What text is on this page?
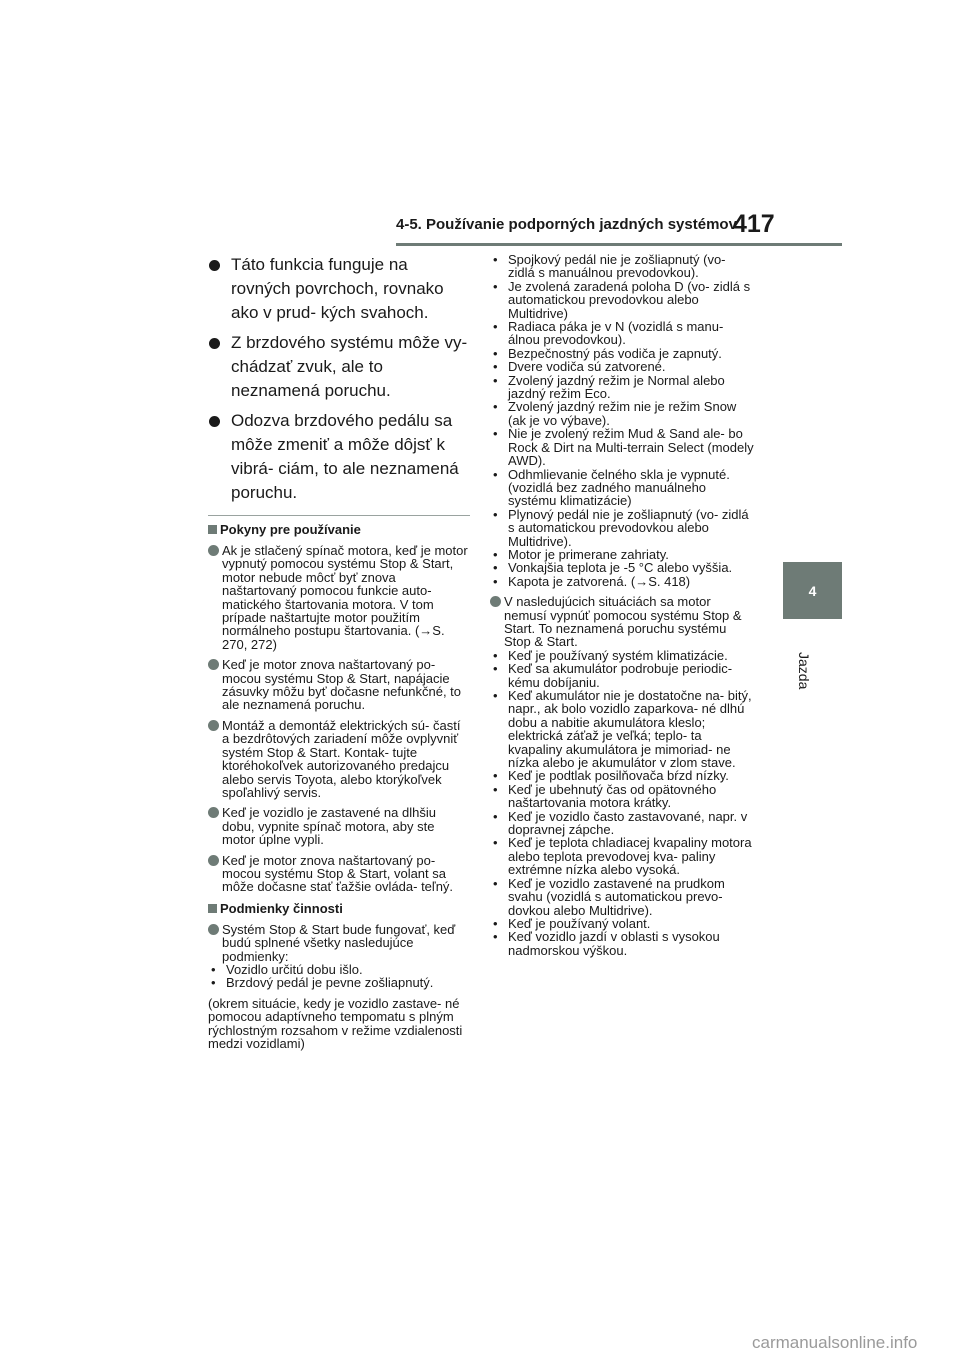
4-5. Používanie podporných jazdných systémov
417
4
Jazda
Táto funkcia funguje na rovných povrchoch, rovnako ako v prud- kých svahoch.
Z brzdového systému môže vy- chádzať zvuk, ale to neznamená poruchu.
Odozva brzdového pedálu sa môže zmeniť a môže dôjsť k vibrá- ciám, to ale neznamená poruchu.
Pokyny pre používanie
Ak je stlačený spínač motora, keď je motor vypnutý pomocou systému Stop & Start, motor nebude môcť byť znova naštartovaný pomocou funkcie auto- matického štartovania motora. V tom prípade naštartujte motor použitím normálneho postupu štartovania. (→S. 270, 272)
Keď je motor znova naštartovaný po- mocou systému Stop & Start, napájacie zásuvky môžu byť dočasne nefunkčné, to ale neznamená poruchu.
Montáž a demontáž elektrických sú- častí a bezdrôtových zariadení môže ovplyvniť systém Stop & Start. Kontak- tujte ktoréhokoľvek autorizovaného predajcu alebo servis Toyota, alebo ktorýkoľvek spoľahlivý servis.
Keď je vozidlo je zastavené na dlhšiu dobu, vypnite spínač motora, aby ste motor úplne vypli.
Keď je motor znova naštartovaný po- mocou systému Stop & Start, volant sa môže dočasne stať ťažšie ovláda- teľný.
Podmienky činnosti
Systém Stop & Start bude fungovať, keď budú splnené všetky nasledujúce podmienky:
• Vozidlo určitú dobu išlo.
• Brzdový pedál je pevne zošliapnutý.
(okrem situácie, kedy je vozidlo zastave- né pomocou adaptívneho tempomatu s plným rýchlostným rozsahom v režime vzdialenosti medzi vozidlami)
• Spojkový pedál nie je zošliapnutý (vo- zidlá s manuálnou prevodovkou).
• Je zvolená zaradená poloha D (vo- zidlá s automatickou prevodovkou alebo Multidrive)
• Radiaca páka je v N (vozidlá s manu- álnou prevodovkou).
• Bezpečnostný pás vodiča je zapnutý.
• Dvere vodiča sú zatvorené.
• Zvolený jazdný režim je Normal alebo jazdný režim Eco.
• Zvolený jazdný režim nie je režim Snow (ak je vo výbave).
• Nie je zvolený režim Mud & Sand ale- bo Rock & Dirt na Multi-terrain Select (modely AWD).
• Odhmlievanie čelného skla je vypnuté. (vozidlá bez zadného manuálneho systému klimatizácie)
• Plynový pedál nie je zošliapnutý (vo- zidlá s automatickou prevodovkou alebo Multidrive).
• Motor je primerane zahriaty.
• Vonkajšia teplota je -5 °C alebo vyššia.
• Kapota je zatvorená. (→S. 418)
V nasledujúcich situáciách sa motor nemusí vypnúť pomocou systému Stop & Start. To neznamená poruchu systému Stop & Start.
• Keď je používaný systém klimatizácie.
• Keď sa akumulátor podrobuje periodic- kému dobíjaniu.
• Keď akumulátor nie je dostatočne na- bitý, napr., ak bolo vozidlo zaparkova- né dlhú dobu a nabitie akumulátora kleslo; elektrická záťaž je veľká; teplo- ta kvapaliny akumulátora je mimoriad- ne nízka alebo je akumulátor v zlom stave.
• Keď je podtlak posilňovača bŕzd nízky.
• Keď je ubehnutý čas od opätovného naštartovania motora krátky.
• Keď je vozidlo často zastavované, napr. v dopravnej zápche.
• Keď je teplota chladiacej kvapaliny motora alebo teplota prevodovej kva- paliny extrémne nízka alebo vysoká.
• Keď je vozidlo zastavené na prudkom svahu (vozidlá s automatickou prevo- dovkou alebo Multidrive).
• Keď je používaný volant.
• Keď vozidlo jazdí v oblasti s vysokou nadmorskou výškou.
carmanualsonline.info
